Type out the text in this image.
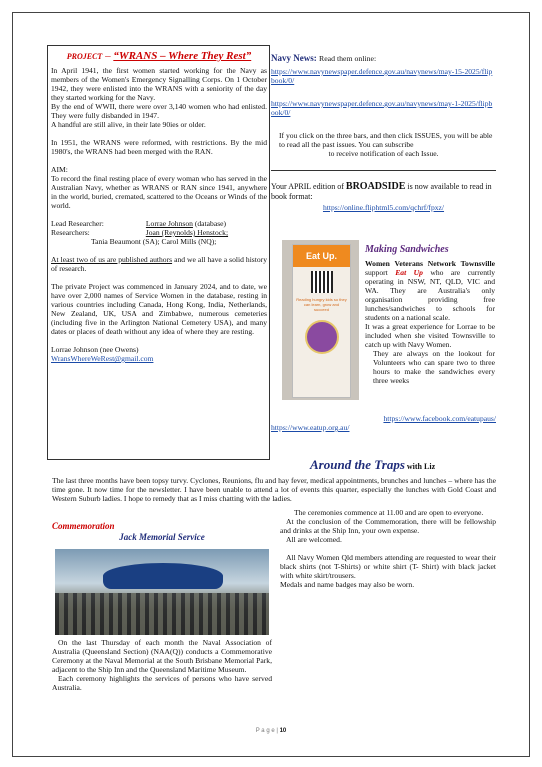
PROJECT – “WRANS – Where They Rest”

In April 1941, the first women started working for the Navy as members of the Women's Emergency Signalling Corps. On 1 October 1942, they were enlisted into the WRANS with a seniority of the day they started working for the Navy.

By the end of WWII, there were over 3,140 women who had enlisted. They were fully disbanded in 1947.

A handful are still alive, in their late 90ies or older.

In 1951, the WRANS were reformed, with restrictions. By the mid 1980's, the WRANS had been merged with the RAN.

AIM:

To record the final resting place of every woman who has served in the Australian Navy, whether as WRANS or RAN since 1941, anywhere in the world, buried, cremated, scattered to the Oceans or Winds of the world.

Lead Researcher:	Lorrae Johnson (database)

Researchers:	Joan (Reynolds) Henstock;

Tania Beaumont (SA); Carol Mills (NQ);

At least two of us are published authors and we all have a solid history of research.

The private Project was commenced in January 2024, and to date, we have over 2,000 names of Service Women in the database, resting in various countries including Canada, Hong Kong, India, Netherlands, New Zealand, UK, USA and Zimbabwe, numerous cemeteries (including five in the Arlington National Cemetery USA), and many dates or places of death without any idea of where they are resting.

Lorrae Johnson (nee Owens)

WransWhereWeRest@gmail.com

Navy News: Read them online:

https://www.navynewspaper.defence.gov.au/navynews/may-15-2025/flipbook/0/

https://www.navynewspaper.defence.gov.au/navynews/may-1-2025/flipbook/0/

If you click on the three bars, and then click ISSUES, you will be able to read all the past issues. You can subscribe

to receive notification of each Issue.

Your APRIL edition of BROADSIDE is now available to read in book format:

https://online.fliphtml5.com/qchrf/fpxz/

Eat Up.
Reading hungry kids so they can learn, grow and succeed

Making Sandwiches

Women Veterans Network Townsville support Eat Up who are currently operating in NSW, NT, QLD, VIC and WA. They are Australia's only organisation providing free lunches/sandwiches to schools for students on a national scale.

It was a great experience for Lorrae to be included when she visited Townsville to catch up with Navy Women.

They are always on the lookout for Volunteers who can spare two to three hours to make the sandwiches every three weeks

https://www.facebook.com/eatupaus/

https://www.eatup.org.au/

Around the Traps with Liz

The last three months have been topsy turvy. Cyclones, Reunions, flu and hay fever, medical appointments, brunches and lunches – where has the time gone. It now time for the newsletter. I have been unable to attend a lot of events this quarter, especially the lunches with Gold Coast and Western Suburb ladies. I hope to remedy that as I miss chatting with the ladies.

Commemoration

Jack Memorial Service

On the last Thursday of each month the Naval Association of Australia (Queensland Section) (NAA(Q)) conducts a Commemorative Ceremony at the Naval Memorial at the South Brisbane Memorial Park, adjacent to the Ship Inn and the Queensland Maritime Museum.

Each ceremony highlights the services of persons who have served Australia.

The ceremonies commence at 11.00 and are open to everyone.

At the conclusion of the Commemoration, there will be fellowship and drinks at the Ship Inn, your own expense.

All are welcomed.

All Navy Women Qld members attending are requested to wear their black shirts (not T-Shirts) or white shirt (T- Shirt) with black jacket with white skirt/trousers.

Medals and name badges may also be worn.

P a g e | 10
